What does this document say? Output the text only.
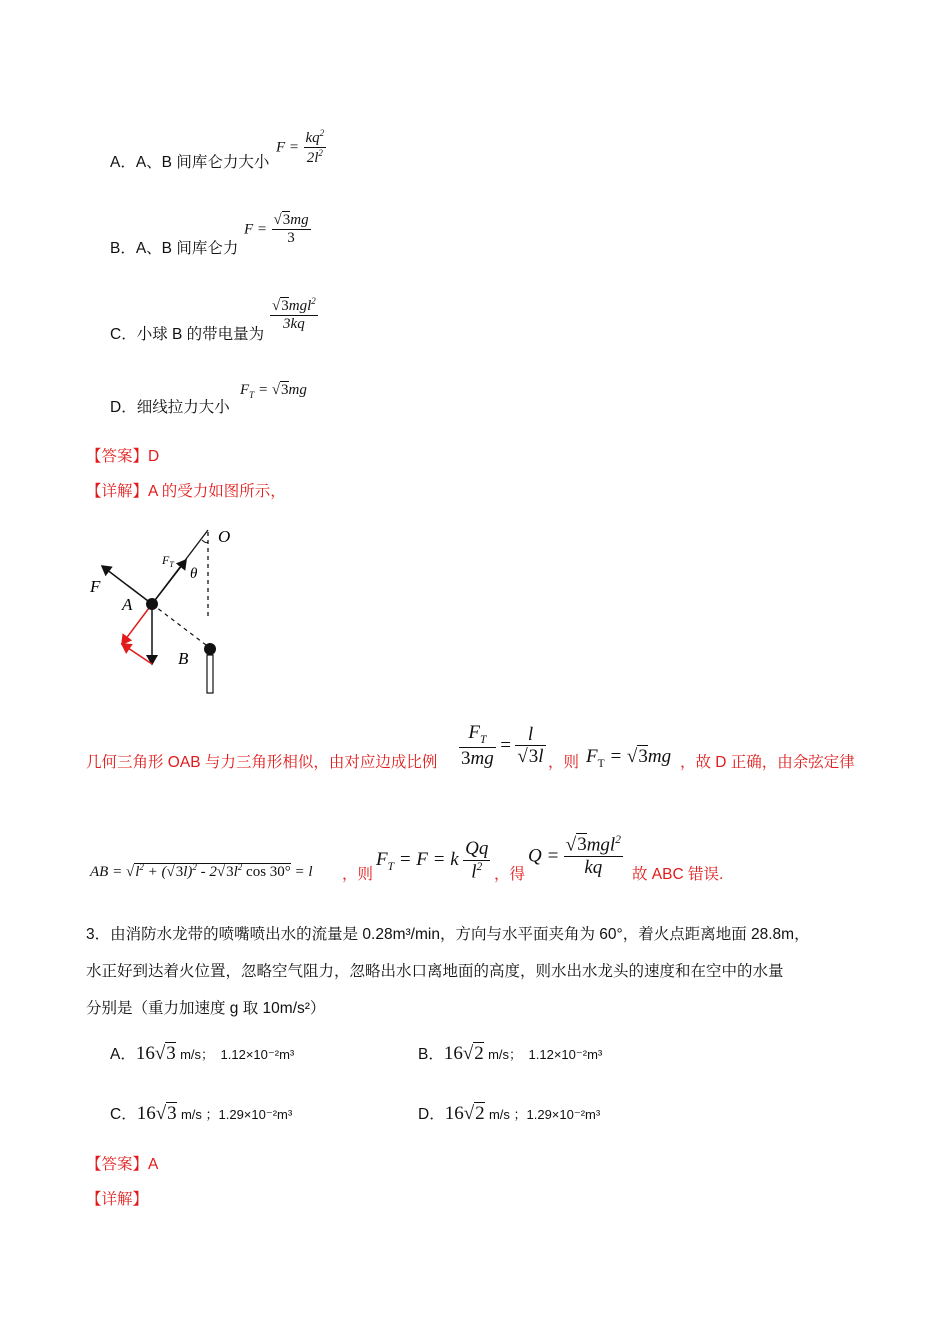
A．A、B 间库仑力大小
$F = \frac{kq^2}{2l^2}$
B．A、B 间库仑力
$F = \frac{√3mg}{3}$
C．小球 B 的带电量为
$\frac{√3mgl^2}{3kq}$
D．细线拉力大小
$F_T = √3mg$
【答案】D
【详解】A 的受力如图所示，
O
$F_T$
θ
F
A
B
几何三角形 OAB 与力三角形相似，由对应边成比例 $\frac{F_T}{3mg} = \frac{l}{√3l}$ ，则 $F_T = √3mg$ ，故 D 正确，由余弦定律
AB = $√l^2 + (√3l)^2 - 2√3l^2$ cos 30° = l ，则
$F_T = F = k \frac{Qq}{l^2}$ ，得
$Q = \frac{√3mgl^2}{kq}$ 故 ABC 错误.
3．由消防水龙带的喷嘴喷出水的流量是 0.28m³/min，方向与水平面夹角为 60°，着火点距离地面 28.8m，
水正好到达着火位置，忽略空气阻力，忽略出水口离地面的高度，则水出水龙头的速度和在空中的水量
分别是（重力加速度 g 取 10m/s²）
A．16√3 m/s；　1.12×10⁻²m³	B．16√2 m/s；　1.12×10⁻²m³
C．16√3 m/s ；1.29×10⁻²m³	D．16√2 m/s ；1.29×10⁻²m³
【答案】A
【详解】
